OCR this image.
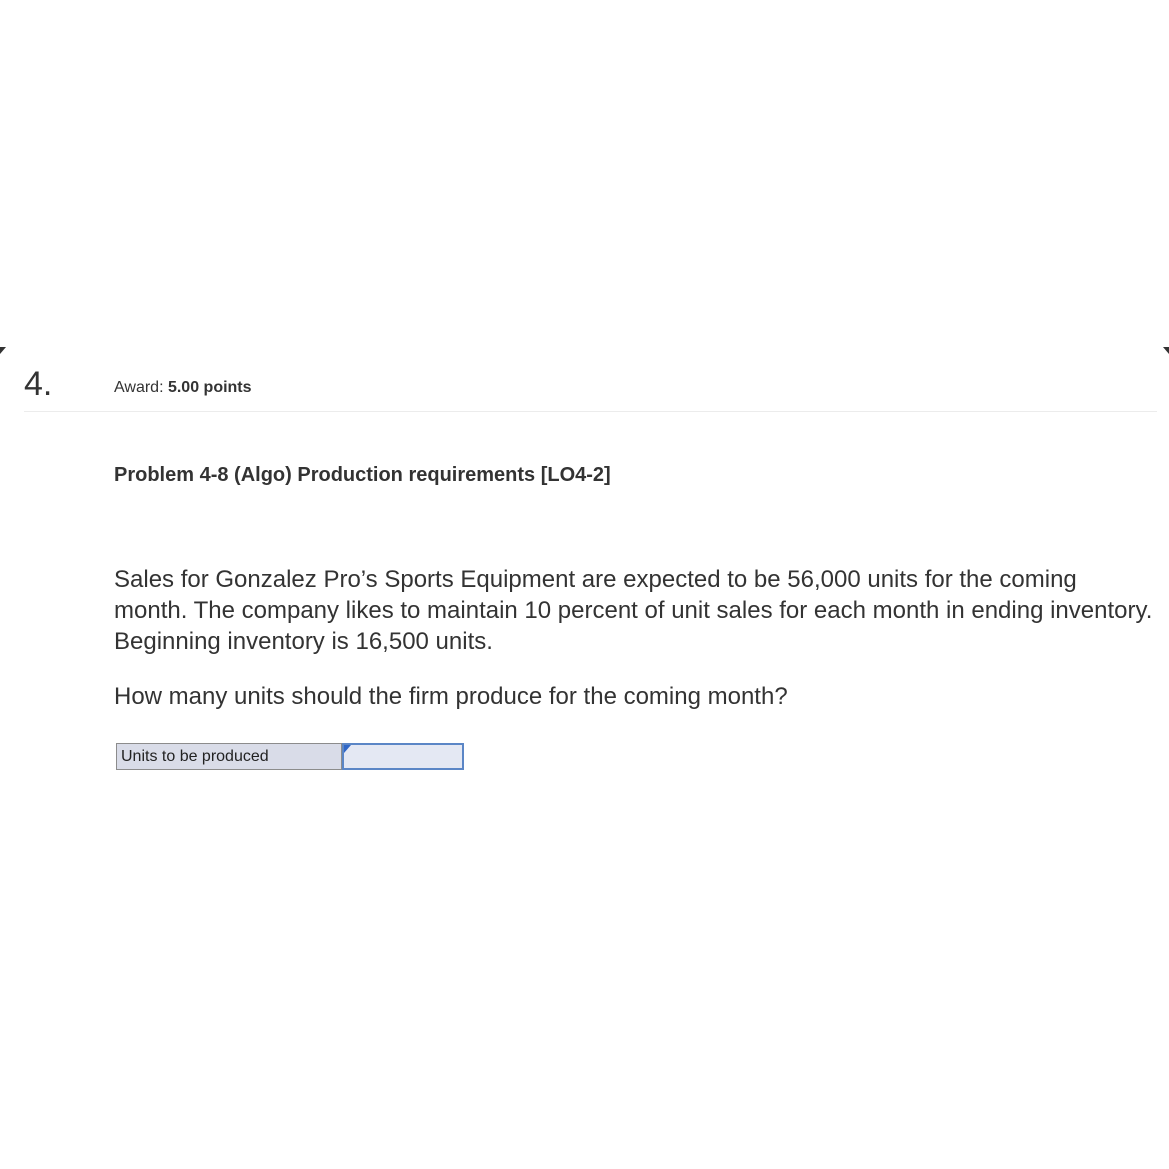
4.	Award: 5.00 points
Problem 4-8 (Algo) Production requirements [LO4-2]

Sales for Gonzalez Pro’s Sports Equipment are expected to be 56,000 units for the coming month. The company likes to maintain 10 percent of unit sales for each month in ending inventory. Beginning inventory is 16,500 units.

How many units should the firm produce for the coming month?
Units to be produced
